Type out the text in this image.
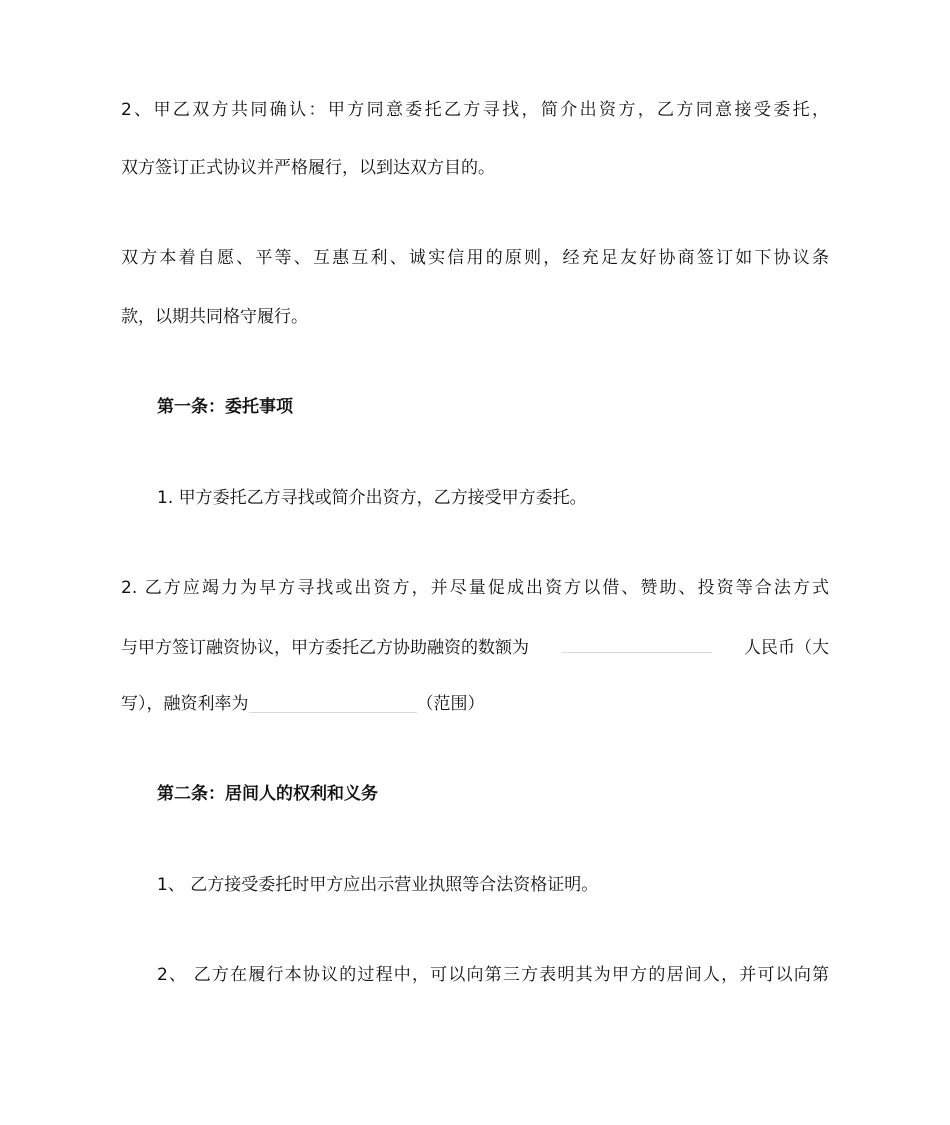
2、甲乙双方共同确认：甲方同意委托乙方寻找，简介出资方，乙方同意接受委托，
双方签订正式协议并严格履行，以到达双方目的。
双方本着自愿、平等、互惠互利、诚实信用的原则，经充足友好协商签订如下协议条
款，以期共同格守履行。
第一条：委托事项
1. 甲方委托乙方寻找或简介出资方，乙方接受甲方委托。
2. 乙方应竭力为早方寻找或出资方，并尽量促成出资方以借、赞助、投资等合法方式
与甲方签订融资协议，甲方委托乙方协助融资的数额为	人民币（大
写），融资利率为	（范围）
第二条：居间人的权利和义务
1、 乙方接受委托时甲方应出示营业执照等合法资格证明。
2、 乙方在履行本协议的过程中，可以向第三方表明其为甲方的居间人，并可以向第
